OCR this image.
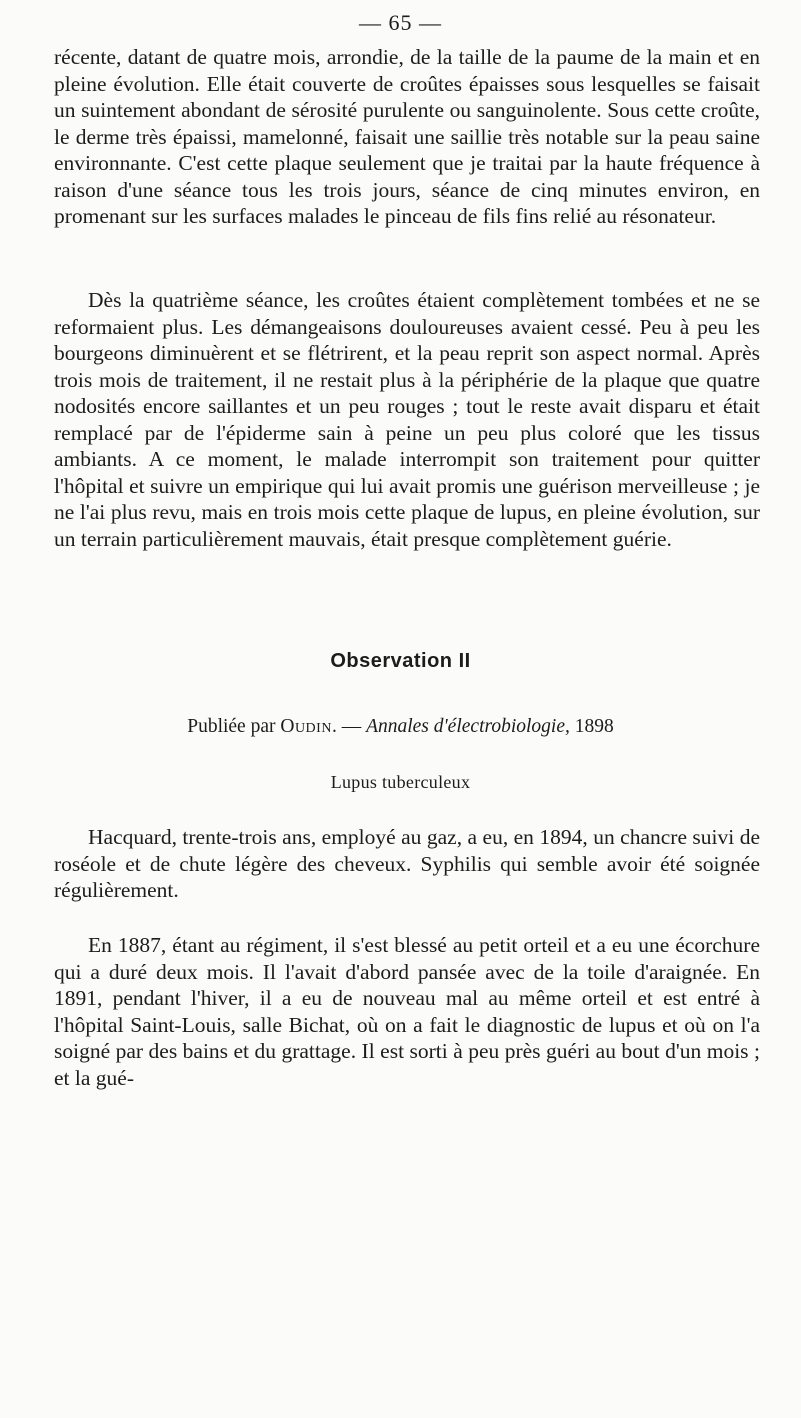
— 65 —

récente, datant de quatre mois, arrondie, de la taille de la paume de la main et en pleine évolution. Elle était couverte de croûtes épaisses sous lesquelles se faisait un suintement abondant de sérosité purulente ou sanguinolente. Sous cette croûte, le derme très épaissi, mamelonné, faisait une saillie très notable sur la peau saine environnante. C'est cette plaque seulement que je traitai par la haute fréquence à raison d'une séance tous les trois jours, séance de cinq minutes environ, en promenant sur les surfaces malades le pinceau de fils fins relié au résonateur.

Dès la quatrième séance, les croûtes étaient complètement tombées et ne se reformaient plus. Les démangeaisons douloureuses avaient cessé. Peu à peu les bourgeons diminuèrent et se flétrirent, et la peau reprit son aspect normal. Après trois mois de traitement, il ne restait plus à la périphérie de la plaque que quatre nodosités encore saillantes et un peu rouges ; tout le reste avait disparu et était remplacé par de l'épiderme sain à peine un peu plus coloré que les tissus ambiants. A ce moment, le malade interrompit son traitement pour quitter l'hôpital et suivre un empirique qui lui avait promis une guérison merveilleuse ; je ne l'ai plus revu, mais en trois mois cette plaque de lupus, en pleine évolution, sur un terrain particulièrement mauvais, était presque complètement guérie.

Observation II
Publiée par Oudin. — Annales d'électrobiologie, 1898
Lupus tuberculeux

Hacquard, trente-trois ans, employé au gaz, a eu, en 1894, un chancre suivi de roséole et de chute légère des cheveux. Syphilis qui semble avoir été soignée régulièrement.

En 1887, étant au régiment, il s'est blessé au petit orteil et a eu une écorchure qui a duré deux mois. Il l'avait d'abord pansée avec de la toile d'araignée. En 1891, pendant l'hiver, il a eu de nouveau mal au même orteil et est entré à l'hôpital Saint-Louis, salle Bichat, où on a fait le diagnostic de lupus et où on l'a soigné par des bains et du grattage. Il est sorti à peu près guéri au bout d'un mois ; et la gué-
